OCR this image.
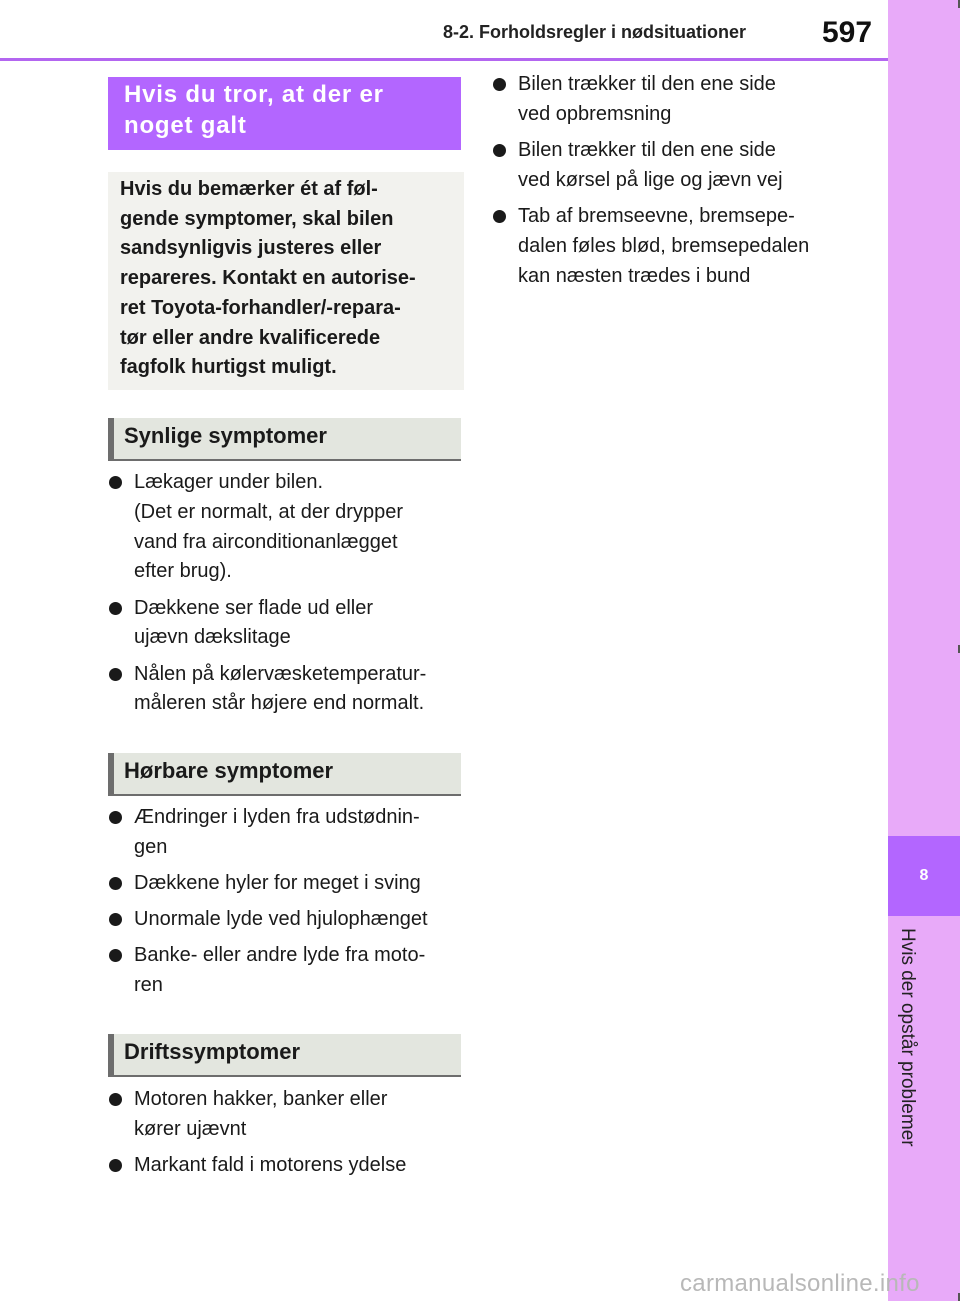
8-2. Forholdsregler i nødsituationer	597
8
Hvis der opstår problemer
Hvis du tror, at der er
noget galt
Hvis du bemærker ét af føl-
gende symptomer, skal bilen
sandsynligvis justeres eller
repareres. Kontakt en autorise-
ret Toyota-forhandler/-repara-
tør eller andre kvalificerede
fagfolk hurtigst muligt.
Synlige symptomer
Lækager under bilen.
(Det er normalt, at der drypper
vand fra airconditionanlægget
efter brug).
Dækkene ser flade ud eller
ujævn dækslitage
Nålen på kølervæsketemperatur-
måleren står højere end normalt.
Hørbare symptomer
Ændringer i lyden fra udstødnin-
gen
Dækkene hyler for meget i sving
Unormale lyde ved hjulophænget
Banke- eller andre lyde fra moto-
ren
Driftssymptomer
Motoren hakker, banker eller
kører ujævnt
Markant fald i motorens ydelse
Bilen trækker til den ene side
ved opbremsning
Bilen trækker til den ene side
ved kørsel på lige og jævn vej
Tab af bremseevne, bremsepe-
dalen føles blød, bremsepedalen
kan næsten trædes i bund
carmanualsonline.info
